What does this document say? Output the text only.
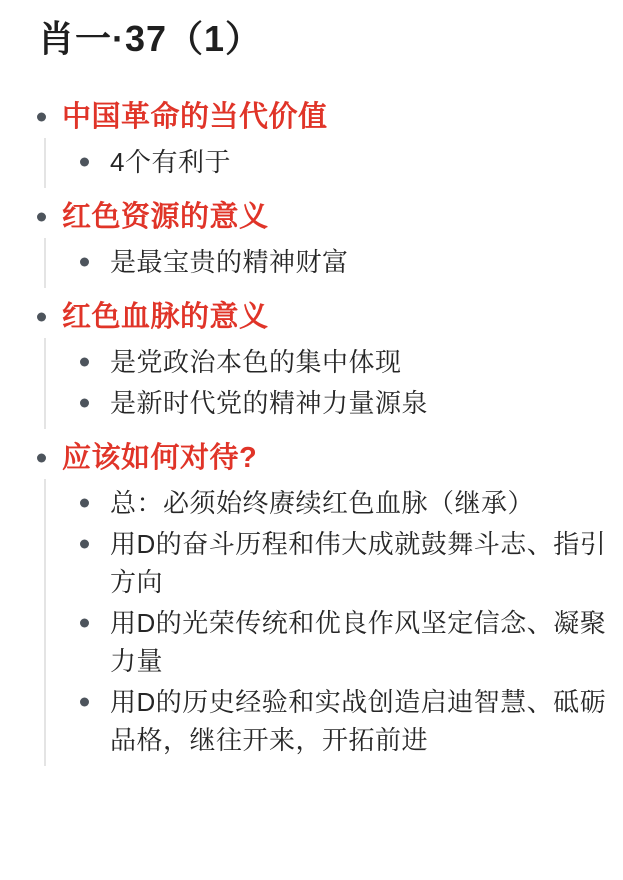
肖一·37（1）
中国革命的当代价值
4个有利于
红色资源的意义
是最宝贵的精神财富
红色血脉的意义
是党政治本色的集中体现
是新时代党的精神力量源泉
应该如何对待?
总：必须始终赓续红色血脉（继承）
用D的奋斗历程和伟大成就鼓舞斗志、指引方向
用D的光荣传统和优良作风坚定信念、凝聚力量
用D的历史经验和实战创造启迪智慧、砥砺品格，继往开来，开拓前进
